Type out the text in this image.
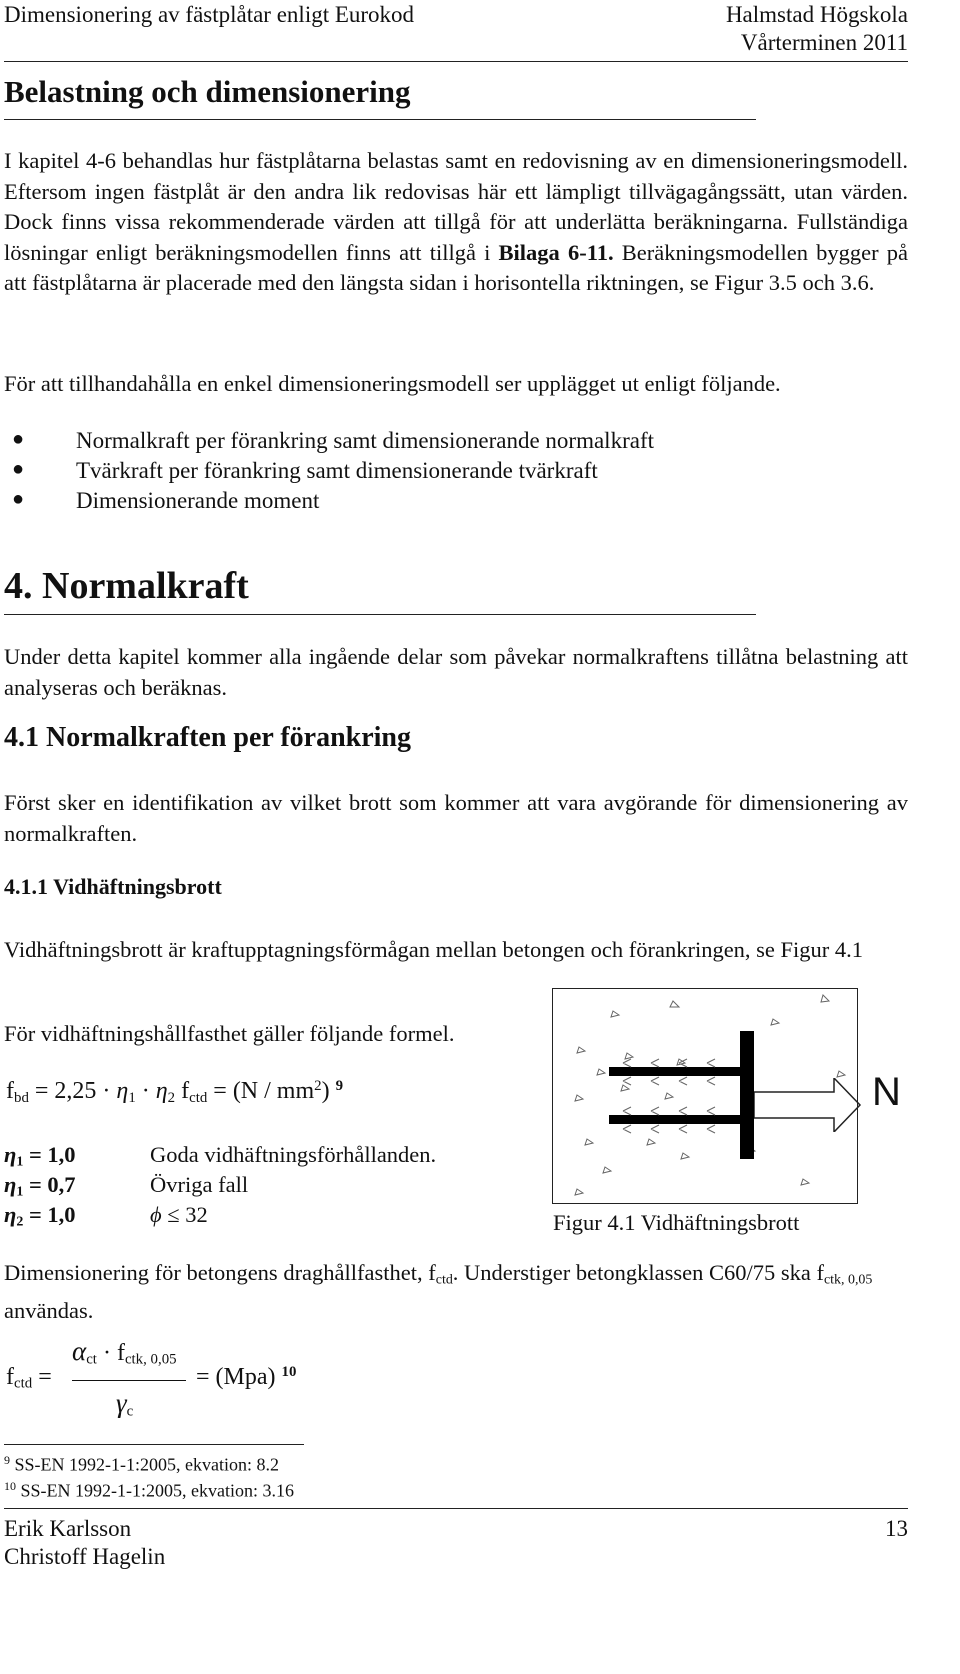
Dimensionering av fästplåtar enligt Eurokod	Halmstad Högskola
Vårterminen 2011
Belastning och dimensionering
I kapitel 4-6 behandlas hur fästplåtarna belastas samt en redovisning av en dimensioneringsmodell. Eftersom ingen fästplåt är den andra lik redovisas här ett lämpligt tillvägagångssätt, utan värden. Dock finns vissa rekommenderade värden att tillgå för att underlätta beräkningarna. Fullständiga lösningar enligt beräkningsmodellen finns att tillgå i Bilaga 6-11. Beräkningsmodellen bygger på att fästplåtarna är placerade med den längsta sidan i horisontella riktningen, se Figur 3.5 och 3.6.
För att tillhandahålla en enkel dimensioneringsmodell ser upplägget ut enligt följande.
● Normalkraft per förankring samt dimensionerande normalkraft
● Tvärkraft per förankring samt dimensionerande tvärkraft
● Dimensionerande moment
4. Normalkraft
Under detta kapitel kommer alla ingående delar som påvekar normalkraftens tillåtna belastning att analyseras och beräknas.
4.1 Normalkraften per förankring
Först sker en identifikation av vilket brott som kommer att vara avgörande för dimensionering av normalkraften.
4.1.1 Vidhäftningsbrott
Vidhäftningsbrott är kraftupptagningsförmågan mellan betongen och förankringen, se Figur 4.1
För vidhäftningshållfasthet gäller följande formel.
$f_{bd} = 2,25 \cdot \eta_1 \cdot \eta_2$ $f_{ctd} = (N / mm^2)$ $^9$
$\eta_1 = 1,0$	Goda vidhäftningsförhållanden.
$\eta_1 = 0,7$	Övriga fall
$\eta_2 = 1,0$	ϕ ≤ 32
N
Figur 4.1 Vidhäftningsbrott
Dimensionering för betongens draghållfasthet, $f_{ctd}$. Understiger betongklassen C60/75 ska $f_{ctk, 0,05}$ användas.
$f_{ctd}$ =
$\alpha_{ct} \cdot f_{ctk, 0,05}$
$\gamma_c$
= (Mpa) $^{10}$
$^9$ SS-EN 1992-1-1:2005, ekvation: 8.2
$^{10}$ SS-EN 1992-1-1:2005, ekvation: 3.16
Erik Karlsson
Christoff Hagelin
13
